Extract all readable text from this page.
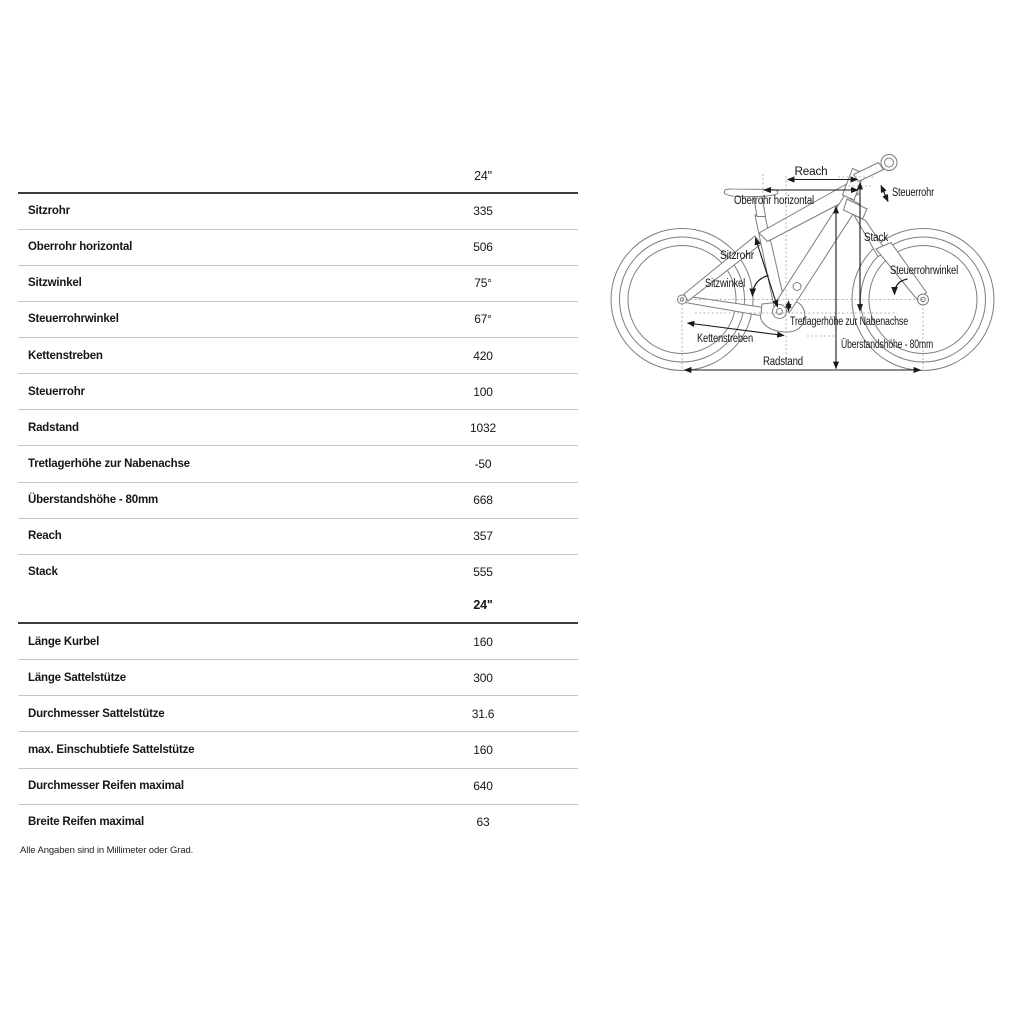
24"
Sitzrohr	335
Oberrohr horizontal	506
Sitzwinkel	75°
Steuerrohrwinkel	67°
Kettenstreben	420
Steuerrohr	100
Radstand	1032
Tretlagerhöhe zur Nabenachse	-50
Überstandshöhe - 80mm	668
Reach	357
Stack	555
24"
Länge Kurbel	160
Länge Sattelstütze	300
Durchmesser Sattelstütze	31.6
max. Einschubtiefe Sattelstütze	160
Durchmesser Reifen maximal	640
Breite Reifen maximal	63
Alle Angaben sind in Millimeter oder Grad.
Reach
Oberrohr horizontal
Steuerrohr
Stack
Sitzrohr
Sitzwinkel
Steuerrohrwinkel
Tretlagerhöhe zur Nabenachse
Kettenstreben	Überstandshöhe - 80mm
Radstand
